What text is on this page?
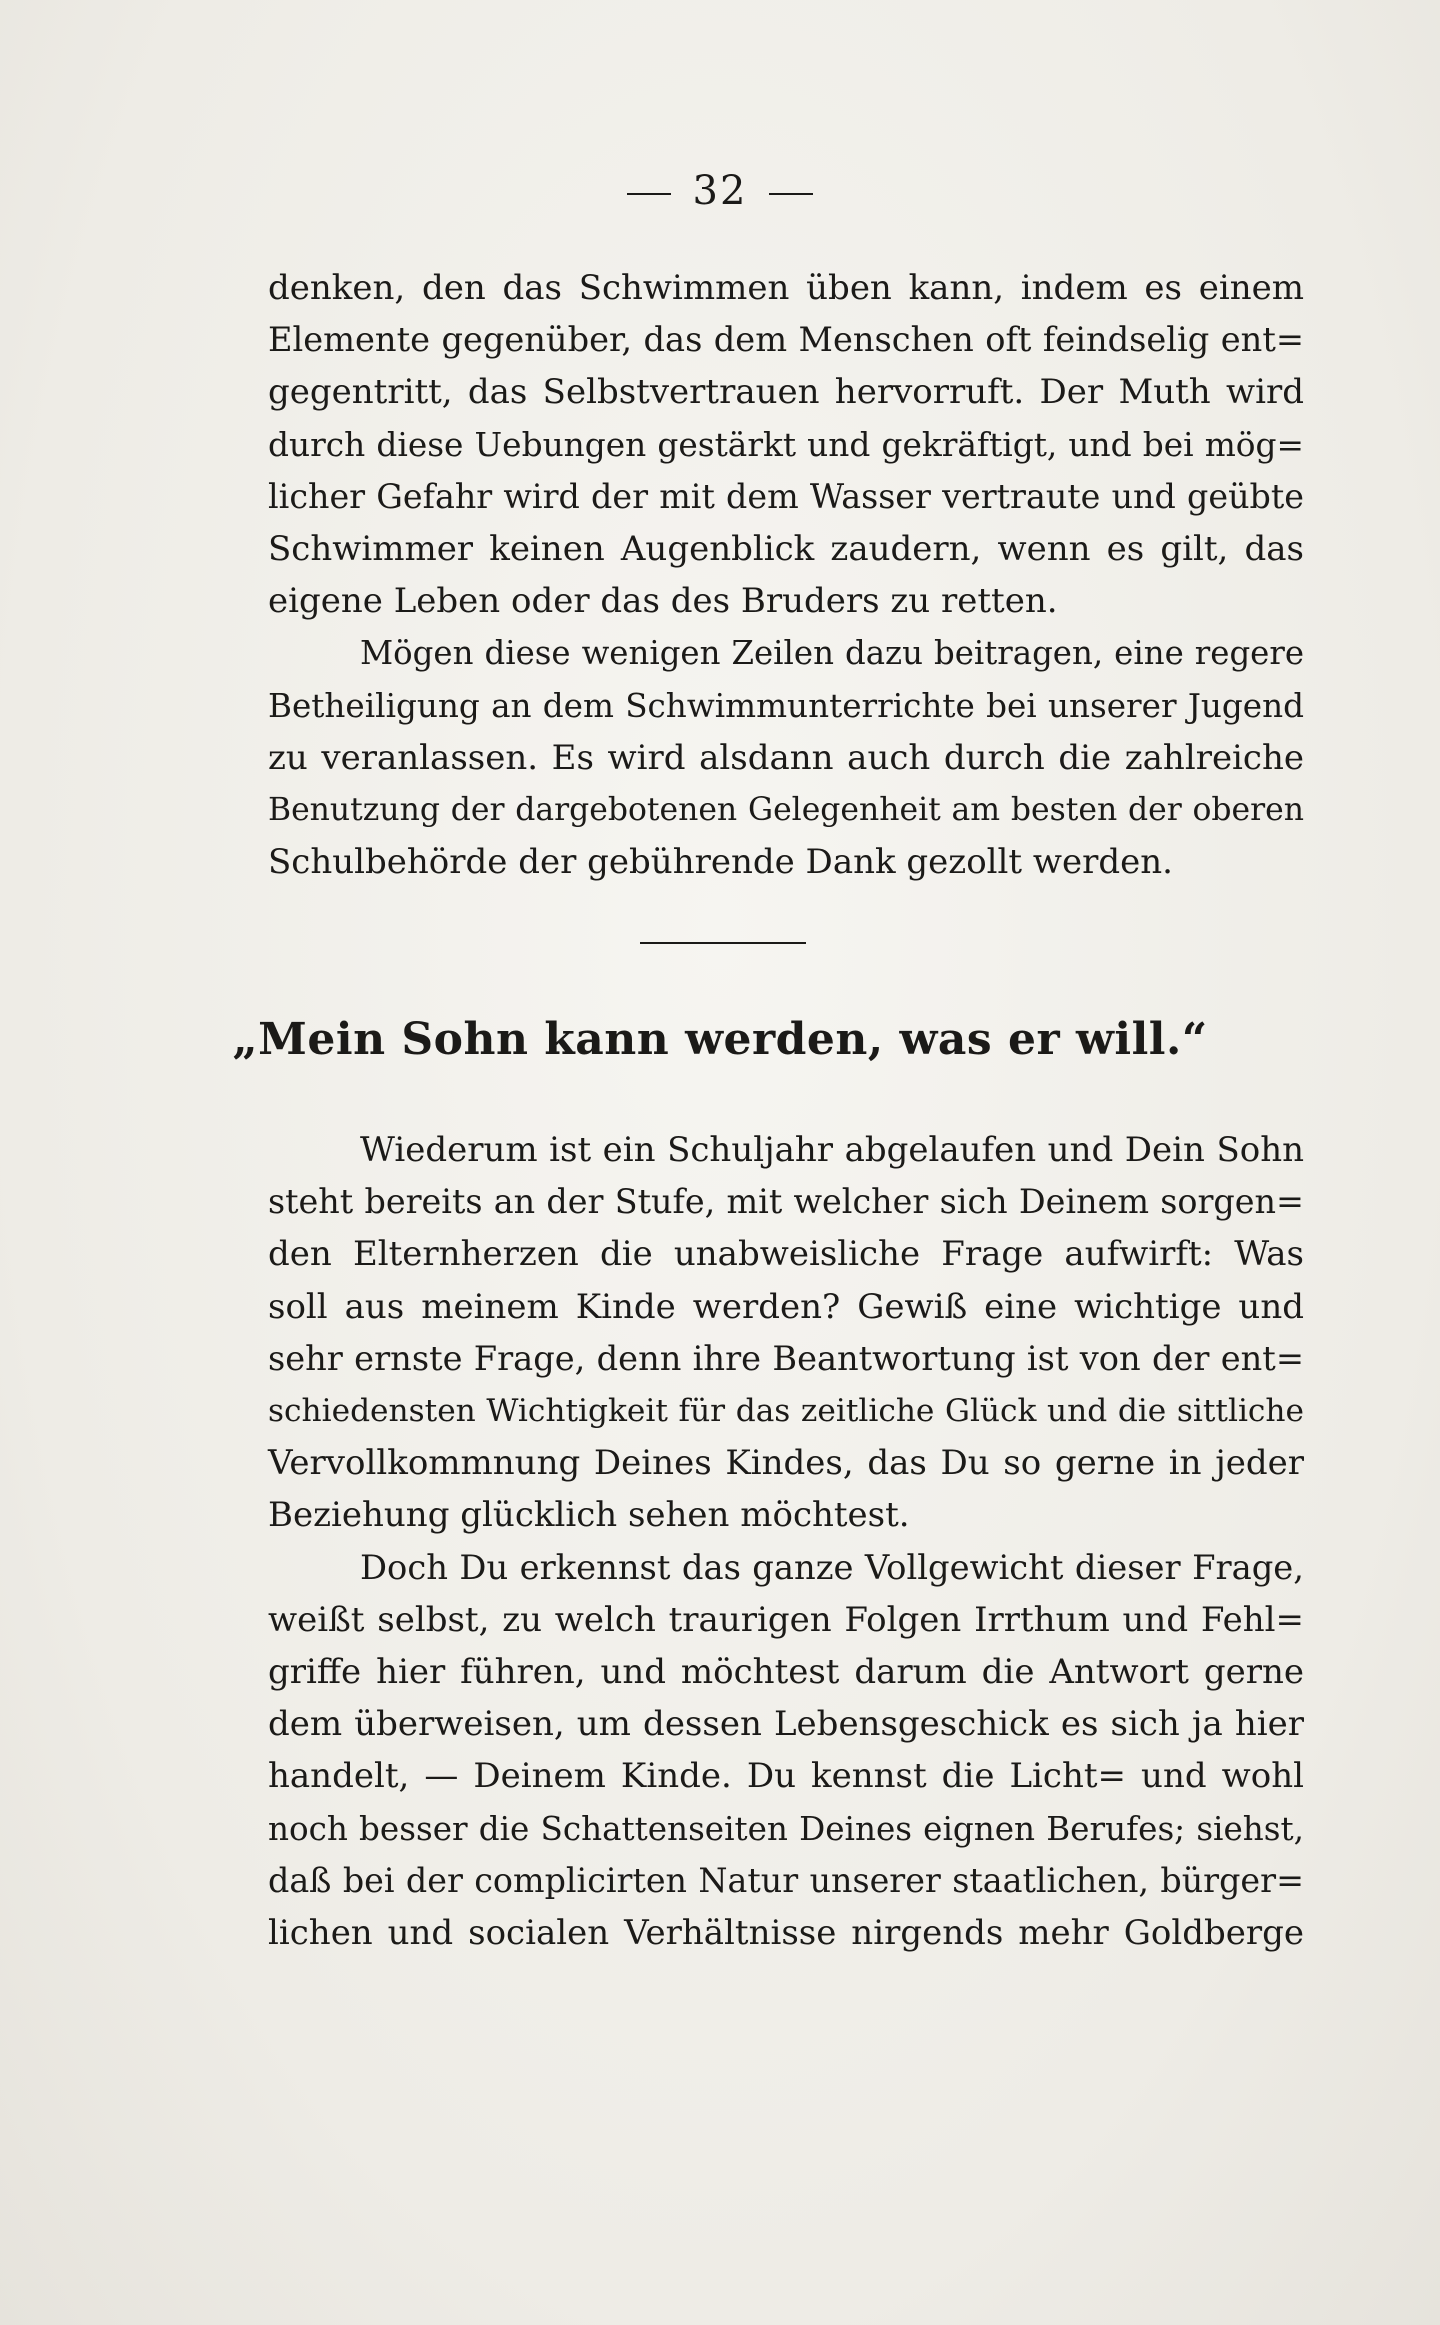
32

denken, den das Schwimmen üben kann, indem es einem
Elemente gegenüber, das dem Menschen oft feindselig ent=
gegentritt, das Selbstvertrauen hervorruft. Der Muth wird
durch diese Uebungen gestärkt und gekräftigt, und bei mög=
licher Gefahr wird der mit dem Wasser vertraute und geübte
Schwimmer keinen Augenblick zaudern, wenn es gilt, das
eigene Leben oder das des Bruders zu retten.

Mögen diese wenigen Zeilen dazu beitragen, eine regere
Betheiligung an dem Schwimmunterrichte bei unserer Jugend
zu veranlassen. Es wird alsdann auch durch die zahlreiche
Benutzung der dargebotenen Gelegenheit am besten der oberen
Schulbehörde der gebührende Dank gezollt werden.

„Mein Sohn kann werden, was er will.“

Wiederum ist ein Schuljahr abgelaufen und Dein Sohn
steht bereits an der Stufe, mit welcher sich Deinem sorgen=
den Elternherzen die unabweisliche Frage aufwirft: Was
soll aus meinem Kinde werden? Gewiß eine wichtige und
sehr ernste Frage, denn ihre Beantwortung ist von der ent=
schiedensten Wichtigkeit für das zeitliche Glück und die sittliche
Vervollkommnung Deines Kindes, das Du so gerne in jeder
Beziehung glücklich sehen möchtest.

Doch Du erkennst das ganze Vollgewicht dieser Frage,
weißt selbst, zu welch traurigen Folgen Irrthum und Fehl=
griffe hier führen, und möchtest darum die Antwort gerne
dem überweisen, um dessen Lebensgeschick es sich ja hier
handelt, — Deinem Kinde. Du kennst die Licht= und wohl
noch besser die Schattenseiten Deines eignen Berufes; siehst,
daß bei der complicirten Natur unserer staatlichen, bürger=
lichen und socialen Verhältnisse nirgends mehr Goldberge
